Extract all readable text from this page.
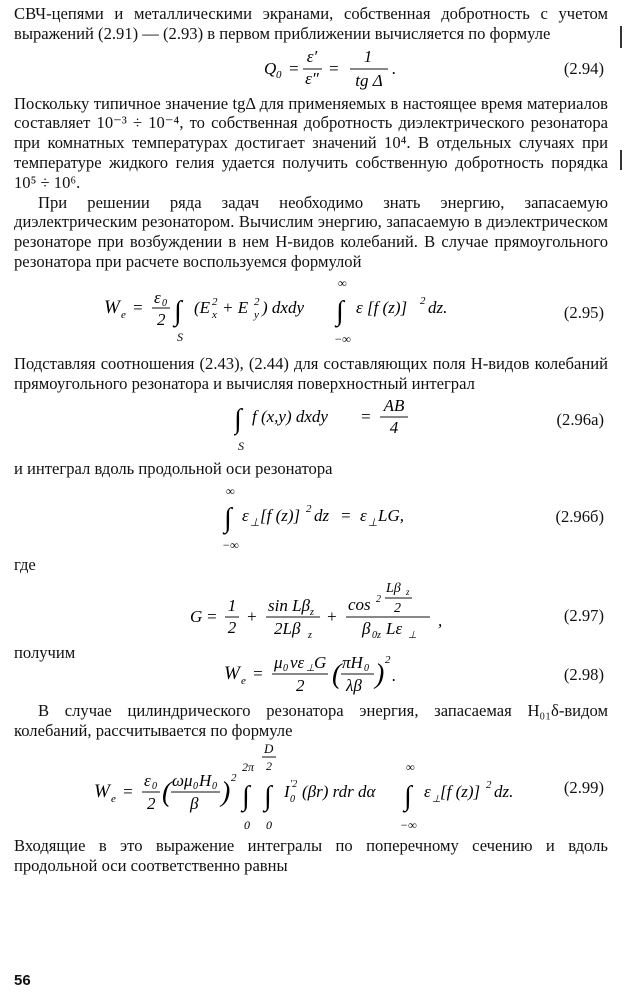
СВЧ-цепями и металлическими экранами, собственная добротность с учетом выражений (2.91) — (2.93) в первом приближении вычисляется по формуле

Q 0 =
ε′
ε″
=
1
tg Δ
.	(2.94)

Поскольку типичное значение tgΔ для применяемых в настоящее время материалов составляет 10⁻³ ÷ 10⁻⁴, то собственная добротность диэлектрического резонатора при комнатных температурах достигает значений 10⁴. В отдельных случаях при температуре жидкого гелия удается получить собственную добротность порядка 10⁵ ÷ 10⁶.

При решении ряда задач необходимо знать энергию, запасаемую диэлектрическим резонатором. Вычислим энергию, запасаемую в диэлектрическом резонаторе при возбуждении в нем H-видов колебаний. В случае прямоугольного резонатора при расчете воспользуемся формулой

W e =
ε 0
2 ∫
S
(E 2
x + E 2
y ) dxdy ∫
∞
−∞
ε [f (z)] 2 dz.	(2.95)

Подставляя соотношения (2.43), (2.44) для составляющих поля H-видов колебаний прямоугольного резонатора и вычисляя поверхностный интеграл

∫
S
f (x,y) dxdy =
AB
4	(2.96а)

и интеграл вдоль продольной оси резонатора

∫
∞
−∞
ε ⊥ [f (z)] 2 dz = ε ⊥ LG,	(2.96б)

где

G =
1
2
+
sin Lβ z
2Lβ z
+
cos 2
Lβ z
2
β 0z Lε ⊥
,	(2.97)

получим

W e =
μ 0 vε ⊥ G
2 ( πH 0
λβ ) 2
.	(2.98)

В случае цилиндрического резонатора энергия, запасаемая H₀₁δ-видом колебаний, рассчитывается по формуле

W e =
ε 0
2 ( ωμ 0 H 0
β ) 2
∫
2π
0
∫
D
2
0
I 0
′2 (βr) rdr dα ∫
∞
−∞
ε ⊥ [f (z)] 2 dz.	(2.99)

Входящие в это выражение интегралы по поперечному сечению и вдоль продольной оси соответственно равны

56
